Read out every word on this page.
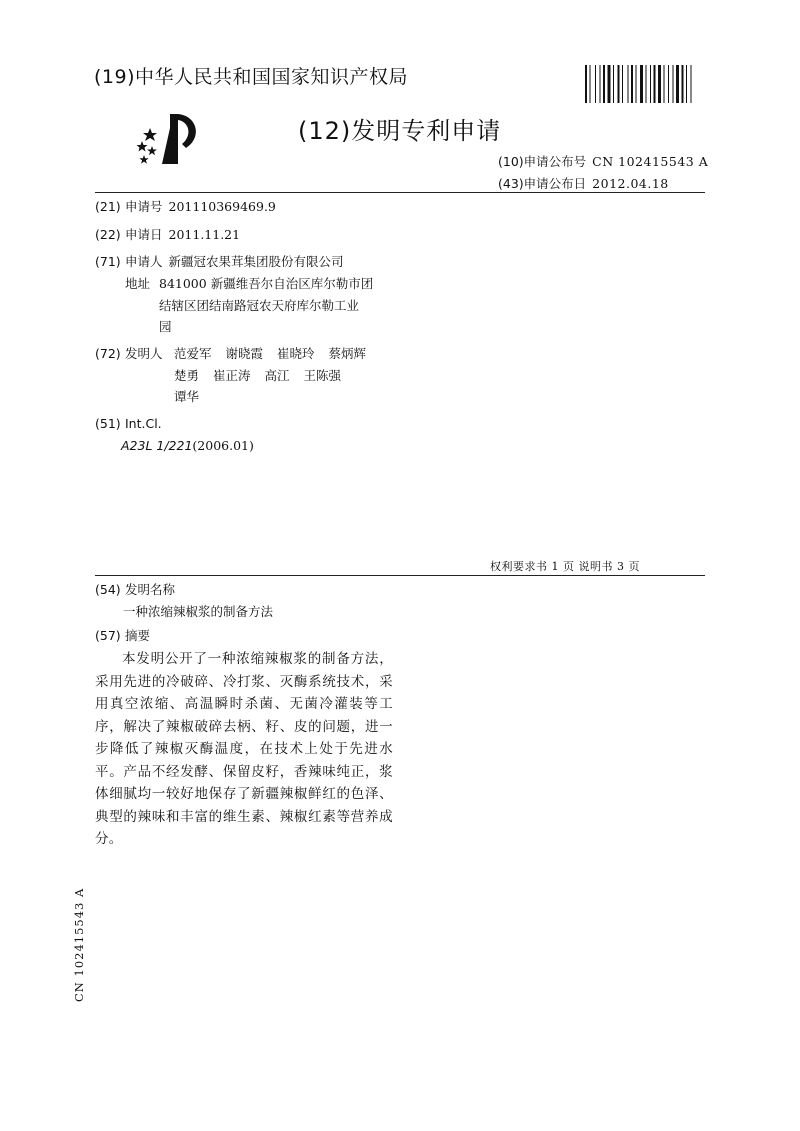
(19)中华人民共和国国家知识产权局
(12)发明专利申请
(10)申请公布号 CN 102415543 A
(43)申请公布日 2012.04.18
(21) 申请号 201110369469.9
(22) 申请日 2011.11.21
(71) 申请人 新疆冠农果茸集团股份有限公司
地址 841000 新疆维吾尔自治区库尔勒市团
结辖区团结南路冠农天府库尔勒工业
园
(72) 发明人 范爱军 谢晓霞 崔晓玲 蔡炳辉
楚勇 崔正涛 高江 王陈强
谭华
(51) Int.Cl.
A23L 1/221(2006.01)
权利要求书 1 页 说明书 3 页
(54) 发明名称
一种浓缩辣椒浆的制备方法
(57) 摘要
本发明公开了一种浓缩辣椒浆的制备方法，采用先进的冷破碎、冷打浆、灭酶系统技术，采用真空浓缩、高温瞬时杀菌、无菌冷灌装等工序，解决了辣椒破碎去柄、籽、皮的问题，进一步降低了辣椒灭酶温度，在技术上处于先进水平。产品不经发酵、保留皮籽，香辣味纯正，浆体细腻均一较好地保存了新疆辣椒鲜红的色泽、典型的辣味和丰富的维生素、辣椒红素等营养成分。
CN 102415543 A
